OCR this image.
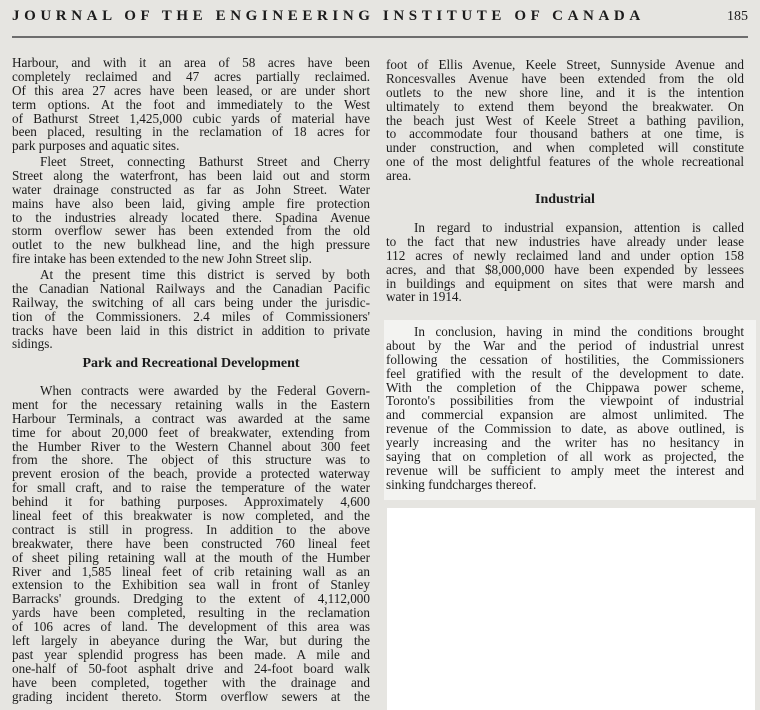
JOURNAL OF THE ENGINEERING INSTITUTE OF CANADA	185
Harbour, and with it an area of 58 acres have been
completely reclaimed and 47 acres partially reclaimed.
Of this area 27 acres have been leased, or are under short
term options. At the foot and immediately to the West
of Bathurst Street 1,425,000 cubic yards of material have
been placed, resulting in the reclamation of 18 acres for
park purposes and aquatic sites.
Fleet Street, connecting Bathurst Street and Cherry
Street along the waterfront, has been laid out and storm
water drainage constructed as far as John Street. Water
mains have also been laid, giving ample fire protection
to the industries already located there. Spadina Avenue
storm overflow sewer has been extended from the old
outlet to the new bulkhead line, and the high pressure
fire intake has been extended to the new John Street slip.
At the present time this district is served by both
the Canadian National Railways and the Canadian Pacific
Railway, the switching of all cars being under the jurisdic-
tion of the Commissioners. 2.4 miles of Commissioners'
tracks have been laid in this district in addition to private
sidings.
Park and Recreational Development
When contracts were awarded by the Federal Govern-
ment for the necessary retaining walls in the Eastern
Harbour Terminals, a contract was awarded at the same
time for about 20,000 feet of breakwater, extending from
the Humber River to the Western Channel about 300 feet
from the shore. The object of this structure was to
prevent erosion of the beach, provide a protected waterway
for small craft, and to raise the temperature of the water
behind it for bathing purposes. Approximately 4,600
lineal feet of this breakwater is now completed, and the
contract is still in progress. In addition to the above
breakwater, there have been constructed 760 lineal feet
of sheet piling retaining wall at the mouth of the Humber
River and 1,585 lineal feet of crib retaining wall as an
extension to the Exhibition sea wall in front of Stanley
Barracks' grounds. Dredging to the extent of 4,112,000
yards have been completed, resulting in the reclamation
of 106 acres of land. The development of this area was
left largely in abeyance during the War, but during the
past year splendid progress has been made. A mile and
one-half of 50-foot asphalt drive and 24-foot board walk
have been completed, together with the drainage and
grading incident thereto. Storm overflow sewers at the
foot of Ellis Avenue, Keele Street, Sunnyside Avenue and
Roncesvalles Avenue have been extended from the old
outlets to the new shore line, and it is the intention
ultimately to extend them beyond the breakwater. On
the beach just West of Keele Street a bathing pavilion,
to accommodate four thousand bathers at one time, is
under construction, and when completed will constitute
one of the most delightful features of the whole recreational
area.
Industrial
In regard to industrial expansion, attention is called
to the fact that new industries have already under lease
112 acres of newly reclaimed land and under option 158
acres, and that $8,000,000 have been expended by lessees
in buildings and equipment on sites that were marsh and
water in 1914.
In conclusion, having in mind the conditions brought
about by the War and the period of industrial unrest
following the cessation of hostilities, the Commissioners
feel gratified with the result of the development to date.
With the completion of the Chippawa power scheme,
Toronto's possibilities from the viewpoint of industrial
and commercial expansion are almost unlimited. The
revenue of the Commission to date, as above outlined, is
yearly increasing and the writer has no hesitancy in
saying that on completion of all work as projected, the
revenue will be sufficient to amply meet the interest and
sinking fundcharges thereof.
